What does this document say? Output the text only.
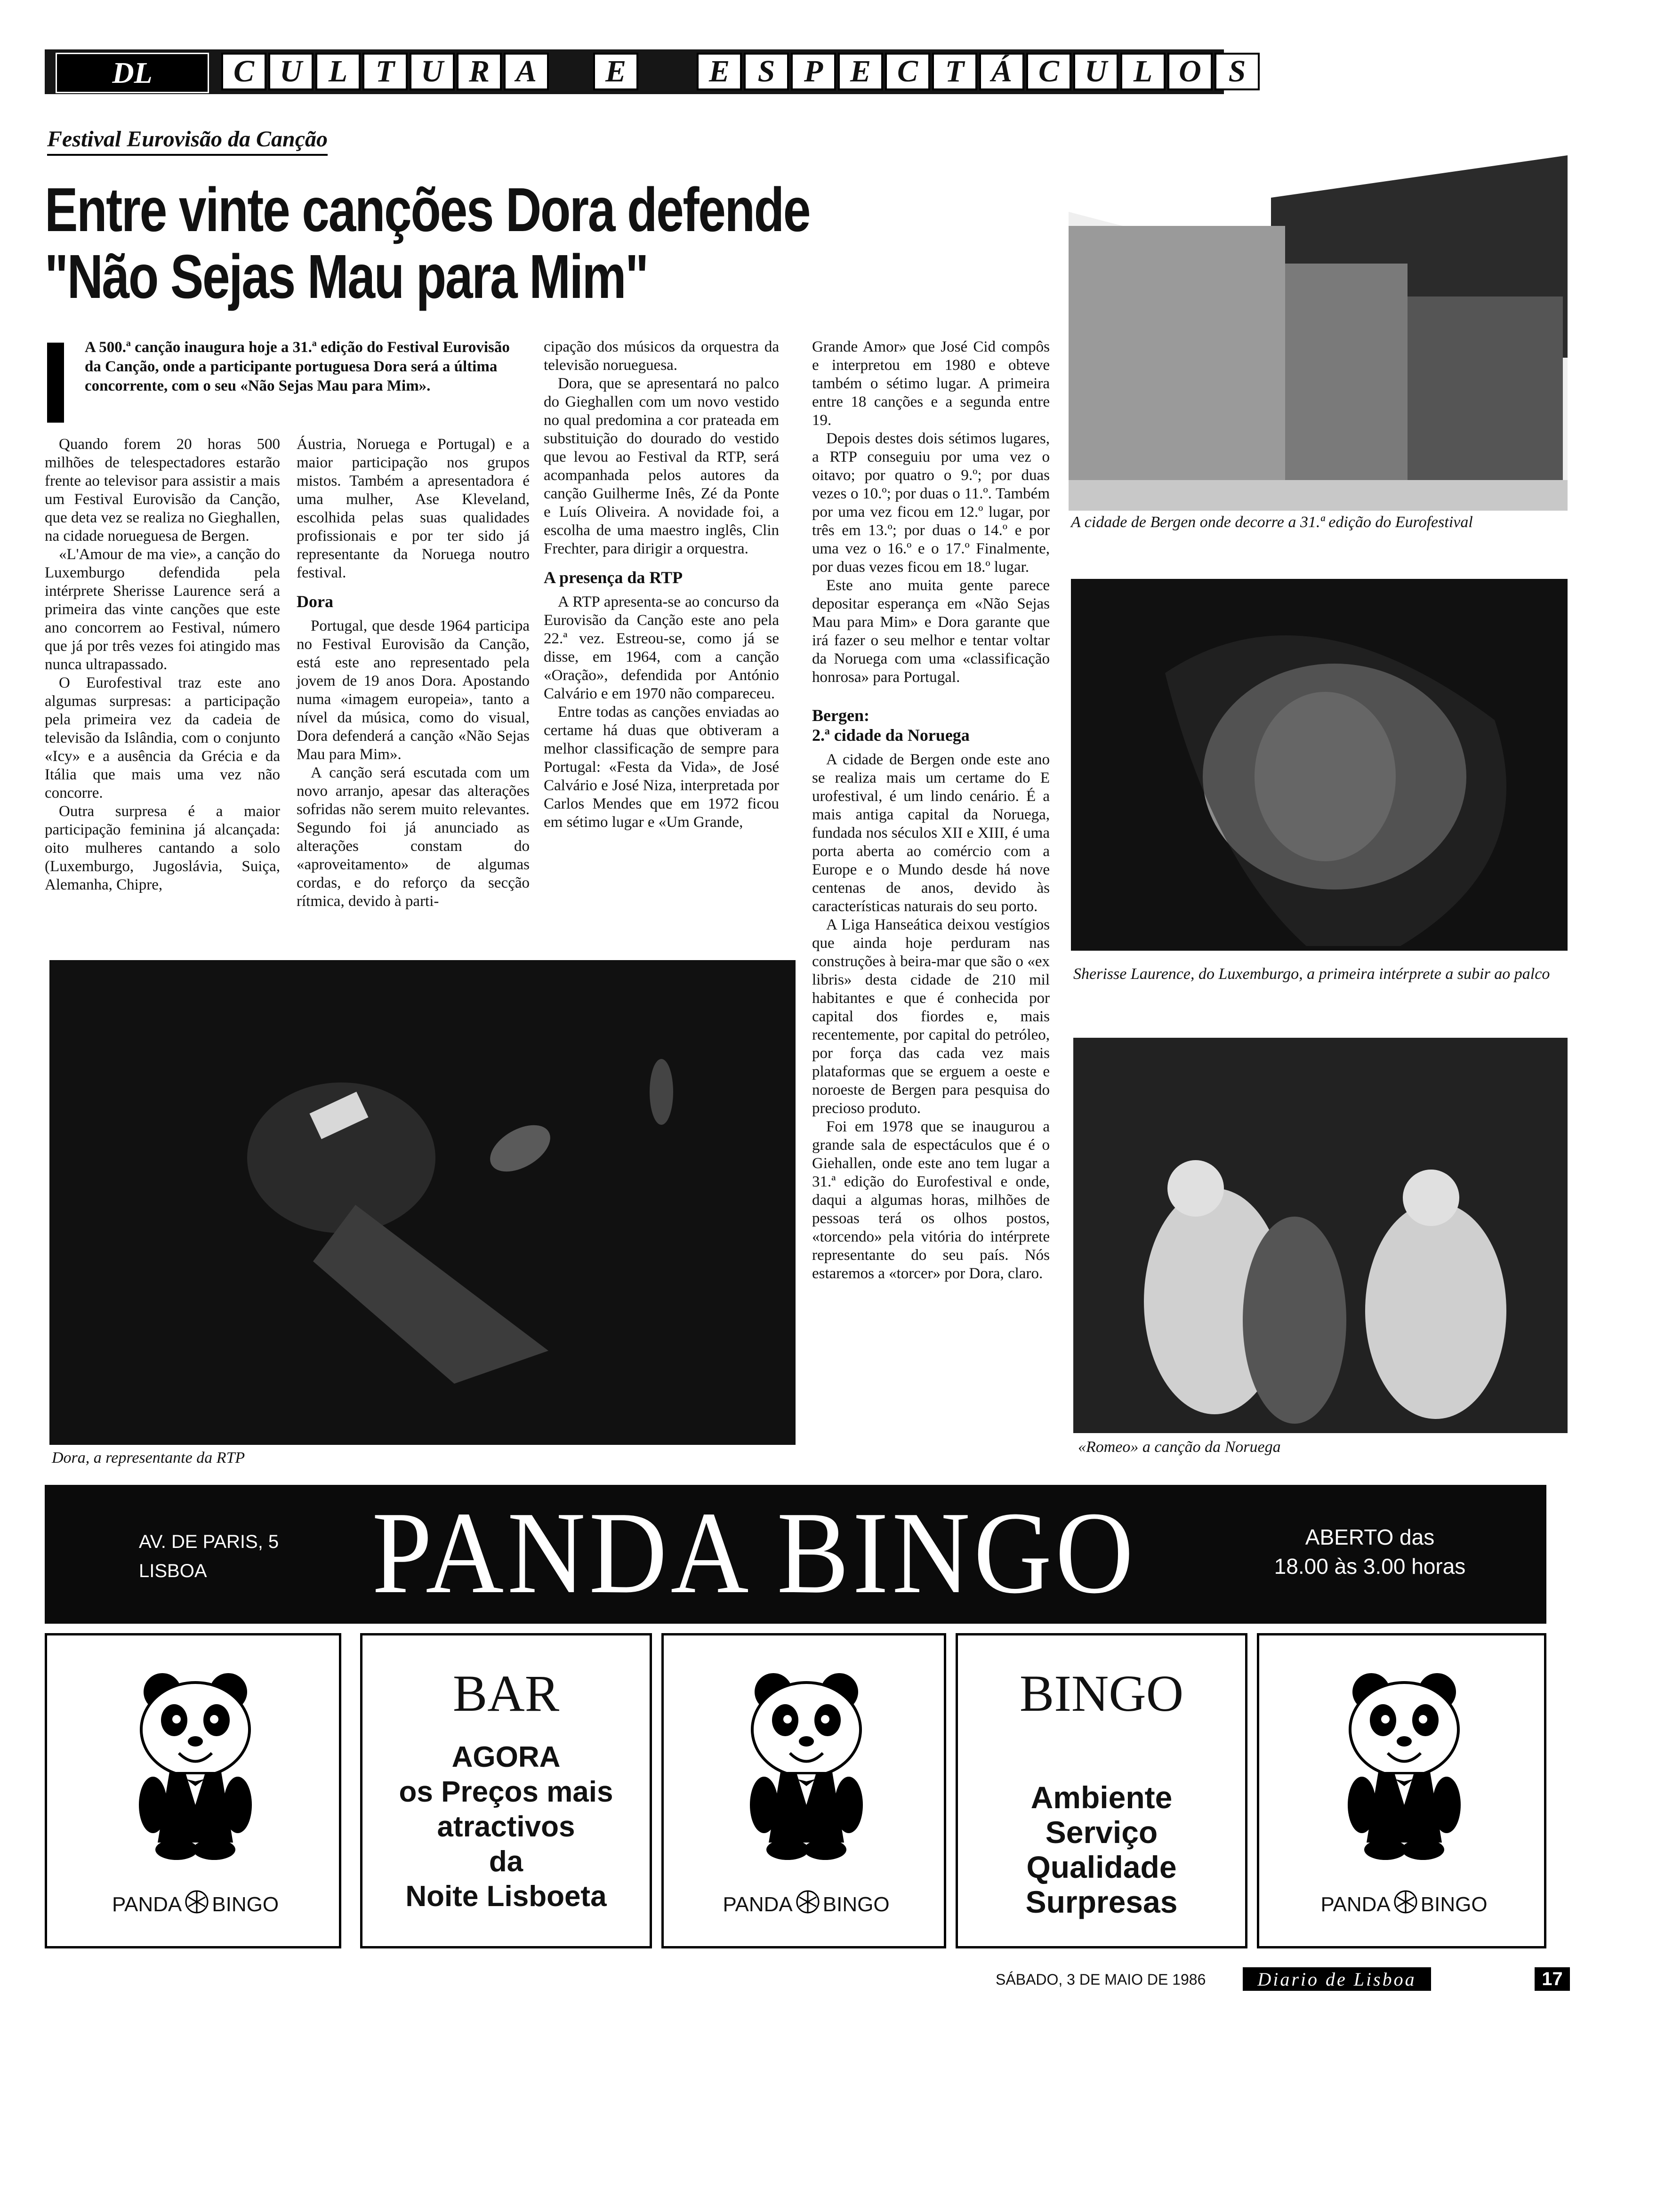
DL	C U L T U R A	E	E S P E C T Á C U L O S
Festival Eurovisão da Canção
Entre vinte canções Dora defende
"Não Sejas Mau para Mim"
A 500.ª canção inaugura hoje a 31.ª edição do Festival Eurovisão da Canção, onde a participante portuguesa Dora será a última concorrente, com o seu «Não Sejas Mau para Mim».

Quando forem 20 horas 500 milhões de telespectadores estarão frente ao televisor para assistir a mais um Festival Eurovisão da Canção, que deta vez se realiza no Gieghallen, na cidade norueguesa de Bergen.

«L'Amour de ma vie», a canção do Luxemburgo defendida pela intérprete Sherisse Laurence será a primeira das vinte canções que este ano concorrem ao Festival, número que já por três vezes foi atingido mas nunca ultrapassado.

O Eurofestival traz este ano algumas surpresas: a participação pela primeira vez da cadeia de televisão da Islândia, com o conjunto «Icy» e a ausência da Grécia e da Itália que mais uma vez não concorre.

Outra surpresa é a maior participação feminina já alcançada: oito mulheres cantando a solo (Luxemburgo, Jugoslávia, Suiça, Alemanha, Chipre,

Áustria, Noruega e Portugal) e a maior participação nos grupos mistos. Também a apresentadora é uma mulher, Ase Kleveland, escolhida pelas suas qualidades profissionais e por ter sido já representante da Noruega noutro festival.

Dora

Portugal, que desde 1964 participa no Festival Eurovisão da Canção, está este ano representado pela jovem de 19 anos Dora. Apostando numa «imagem europeia», tanto a nível da música, como do visual, Dora defenderá a canção «Não Sejas Mau para Mim».

A canção será escutada com um novo arranjo, apesar das alterações sofridas não serem muito relevantes. Segundo foi já anunciado as alterações constam do «aproveitamento» de algumas cordas, e do reforço da secção rítmica, devido à parti-

cipação dos músicos da orquestra da televisão norueguesa.

Dora, que se apresentará no palco do Gieghallen com um novo vestido no qual predomina a cor prateada em substituição do dourado do vestido que levou ao Festival da RTP, será acompanhada pelos autores da canção Guilherme Inês, Zé da Ponte e Luís Oliveira. A novidade foi, a escolha de uma maestro inglês, Clin Frechter, para dirigir a orquestra.

A presença da RTP

A RTP apresenta-se ao concurso da Eurovisão da Canção este ano pela 22.ª vez. Estreou-se, como já se disse, em 1964, com a canção «Oração», defendida por António Calvário e em 1970 não compareceu.

Entre todas as canções enviadas ao certame há duas que obtiveram a melhor classificação de sempre para Portugal: «Festa da Vida», de José Calvário e José Niza, interpretada por Carlos Mendes que em 1972 ficou em sétimo lugar e «Um Grande,

Grande Amor» que José Cid compôs e interpretou em 1980 e obteve também o sétimo lugar. A primeira entre 18 canções e a segunda entre 19.

Depois destes dois sétimos lugares, a RTP conseguiu por uma vez o oitavo; por quatro o 9.º; por duas vezes o 10.º; por duas o 11.º. Também por uma vez ficou em 12.º lugar, por três em 13.º; por duas o 14.º e por uma vez o 16.º e o 17.º Finalmente, por duas vezes ficou em 18.º lugar.

Este ano muita gente parece depositar esperança em «Não Sejas Mau para Mim» e Dora garante que irá fazer o seu melhor e tentar voltar da Noruega com uma «classificação honrosa» para Portugal.

Bergen:

2.ª cidade da Noruega

A cidade de Bergen onde este ano se realiza mais um certame do E urofestival, é um lindo cenário. É a mais antiga capital da Noruega, fundada nos séculos XII e XIII, é uma porta aberta ao comércio com a Europe e o Mundo desde há nove centenas de anos, devido às características naturais do seu porto.

A Liga Hanseática deixou vestígios que ainda hoje perduram nas construções à beira-mar que são o «ex libris» desta cidade de 210 mil habitantes e que é conhecida por capital dos fiordes e, mais recentemente, por capital do petróleo, por força das cada vez mais plataformas que se erguem a oeste e noroeste de Bergen para pesquisa do precioso produto.

Foi em 1978 que se inaugurou a grande sala de espectáculos que é o Giehallen, onde este ano tem lugar a 31.ª edição do Eurofestival e onde, daqui a algumas horas, milhões de pessoas terá os olhos postos, «torcendo» pela vitória do intérprete representante do seu país. Nós estaremos a «torcer» por Dora, claro.

Dora, a representante da RTP
A cidade de Bergen onde decorre a 31.ª edição do Eurofestival
Sherisse Laurence, do Luxemburgo, a primeira intérprete a subir ao palco
«Romeo» a canção da Noruega
AV. DE PARIS, 5
LISBOA	PANDA BINGO	ABERTO das
18.00 às 3.00 horas
PANDA BINGO
BAR
AGORA
os Preços mais
atractivos
da
Noite Lisboeta	PANDA BINGO
BINGO
Ambiente
Serviço
Qualidade
Surpresas	PANDA BINGO
SÁBADO, 3 DE MAIO DE 1986	Diario de Lisboa	17
